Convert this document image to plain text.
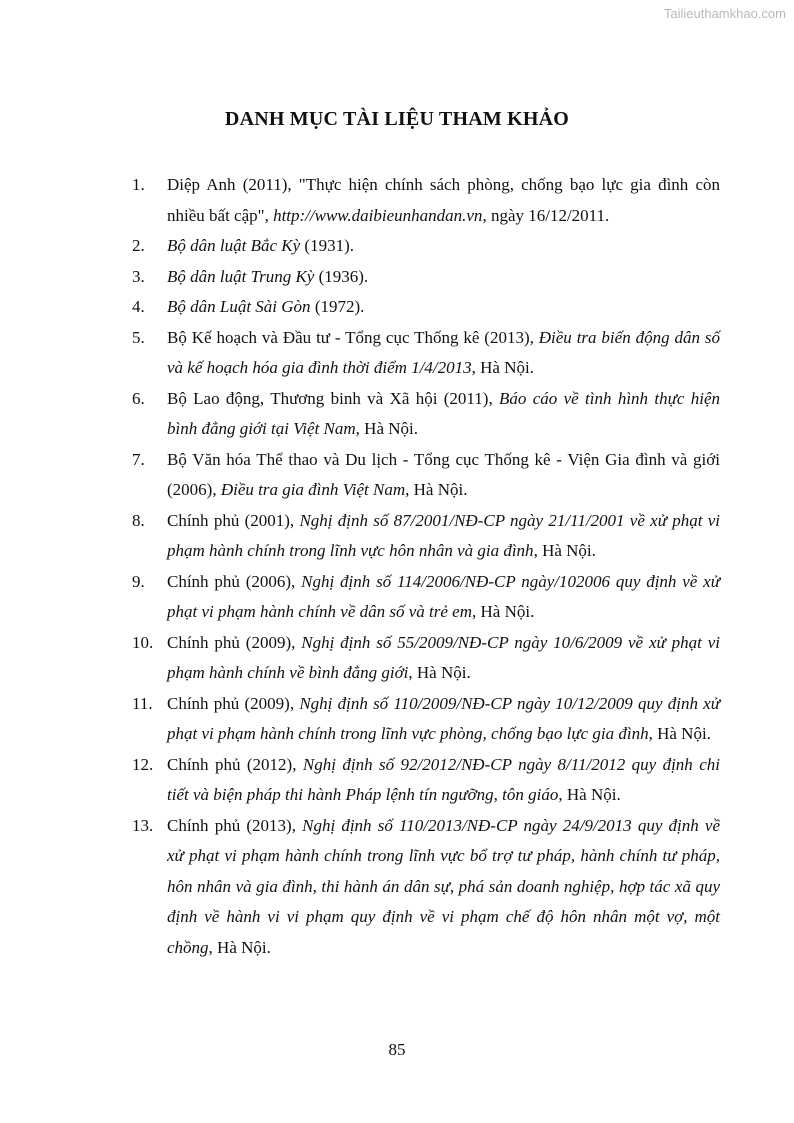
Tailieuthamkhao.com
DANH MỤC TÀI LIỆU THAM KHẢO
1. Diệp Anh (2011), "Thực hiện chính sách phòng, chống bạo lực gia đình còn nhiều bất cập", http://www.daibieunhandan.vn, ngày 16/12/2011.
2. Bộ dân luật Bắc Kỳ (1931).
3. Bộ dân luật Trung Kỳ (1936).
4. Bộ dân Luật Sài Gòn (1972).
5. Bộ Kế hoạch và Đầu tư - Tổng cục Thống kê (2013), Điều tra biến động dân số và kế hoạch hóa gia đình thời điểm 1/4/2013, Hà Nội.
6. Bộ Lao động, Thương binh và Xã hội (2011), Báo cáo về tình hình thực hiện bình đẳng giới tại Việt Nam, Hà Nội.
7. Bộ Văn hóa Thể thao và Du lịch - Tổng cục Thống kê - Viện Gia đình và giới (2006), Điều tra gia đình Việt Nam, Hà Nội.
8. Chính phủ (2001), Nghị định số 87/2001/NĐ-CP ngày 21/11/2001 về xử phạt vi phạm hành chính trong lĩnh vực hôn nhân và gia đình, Hà Nội.
9. Chính phủ (2006), Nghị định số 114/2006/NĐ-CP ngày/102006 quy định về xử phạt vi phạm hành chính về dân số và trẻ em, Hà Nội.
10. Chính phủ (2009), Nghị định số 55/2009/NĐ-CP ngày 10/6/2009 về xử phạt vi phạm hành chính về bình đẳng giới, Hà Nội.
11. Chính phủ (2009), Nghị định số 110/2009/NĐ-CP ngày 10/12/2009 quy định xử phạt vi phạm hành chính trong lĩnh vực phòng, chống bạo lực gia đình, Hà Nội.
12. Chính phủ (2012), Nghị định số 92/2012/NĐ-CP ngày 8/11/2012 quy định chi tiết và biện pháp thi hành Pháp lệnh tín ngưỡng, tôn giáo, Hà Nội.
13. Chính phủ (2013), Nghị định số 110/2013/NĐ-CP ngày 24/9/2013 quy định về xử phạt vi phạm hành chính trong lĩnh vực bổ trợ tư pháp, hành chính tư pháp, hôn nhân và gia đình, thi hành án dân sự, phá sản doanh nghiệp, hợp tác xã quy định về hành vi vi phạm quy định về vi phạm chế độ hôn nhân một vợ, một chồng, Hà Nội.
85
